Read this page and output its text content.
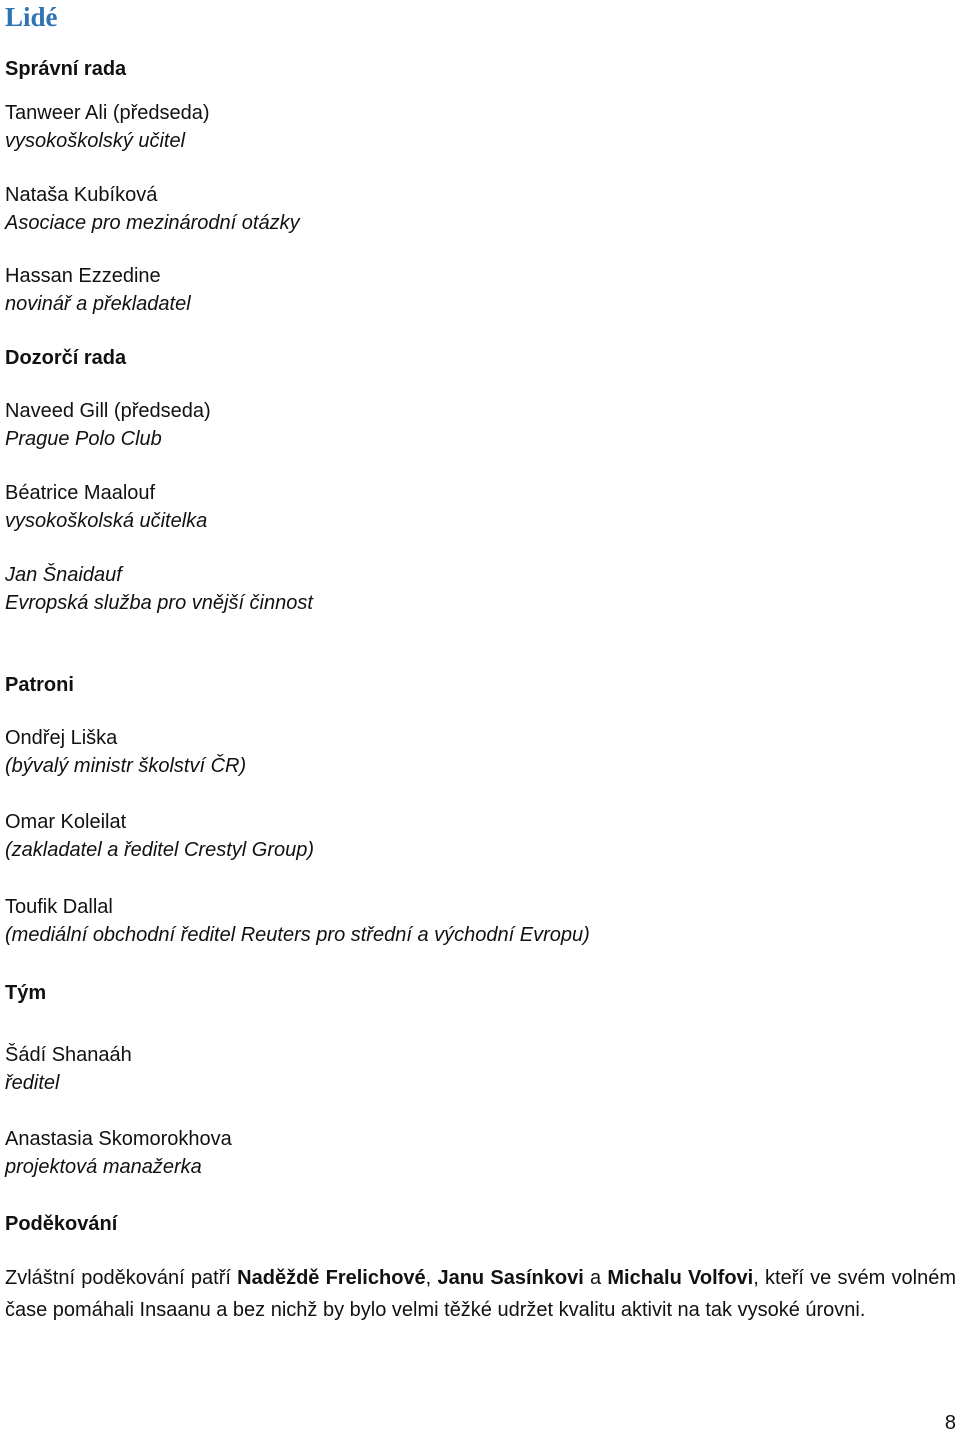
Lidé
Správní rada
Tanweer Ali (předseda)
vysokoškolský učitel
Nataša Kubíková
Asociace pro mezinárodní otázky
Hassan Ezzedine
novinář a překladatel
Dozorčí rada
Naveed Gill (předseda)
Prague Polo Club
Béatrice Maalouf
vysokoškolská učitelka
Jan Šnaidauf
Evropská služba pro vnější činnost
Patroni
Ondřej Liška
(bývalý ministr školství ČR)
Omar Koleilat
(zakladatel a ředitel Crestyl Group)
Toufik Dallal
(mediální obchodní ředitel Reuters pro střední a východní Evropu)
Tým
Šádí Shanaáh
ředitel
Anastasia Skomorokhova
projektová manažerka
Poděkování
Zvláštní poděkování patří Naděždě Frelichové, Janu Sasínkovi a Michalu Volfovi, kteří ve svém volném čase pomáhali Insaanu a bez nichž by bylo velmi těžké udržet kvalitu aktivit na tak vysoké úrovni.
8
